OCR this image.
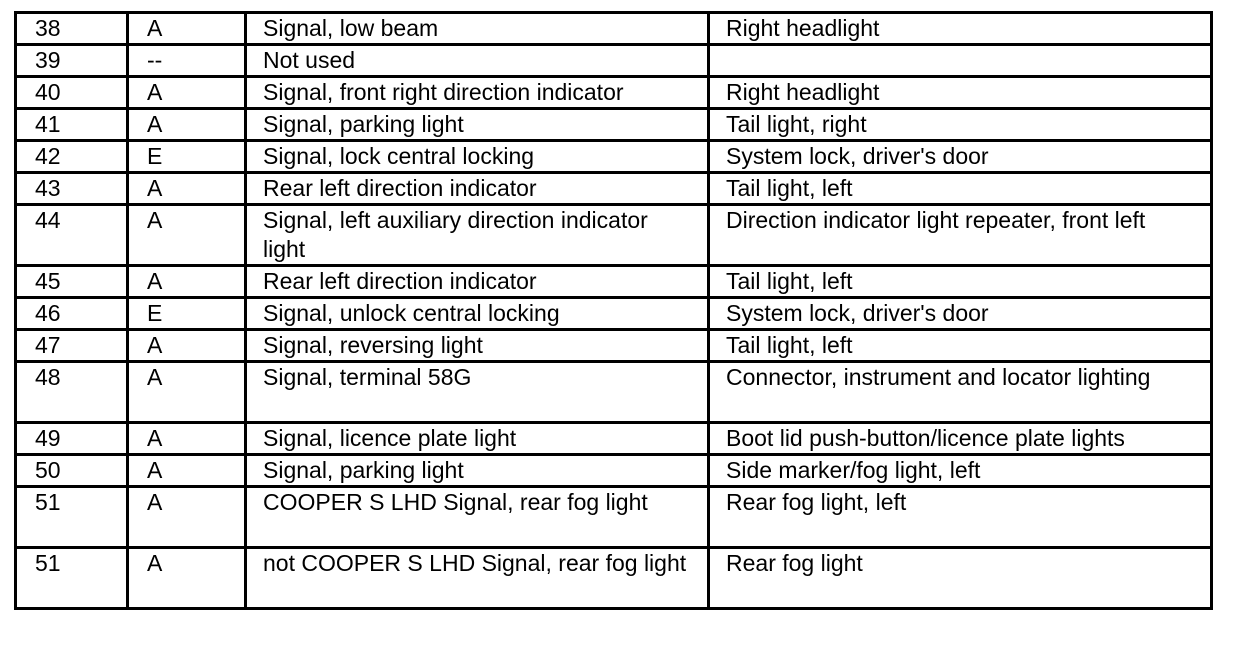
38	A	Signal, low beam	Right headlight
39	--	Not used	
40	A	Signal, front right direction indicator	Right headlight
41	A	Signal, parking light	Tail light, right
42	E	Signal, lock central locking	System lock, driver's door
43	A	Rear left direction indicator	Tail light, left
44	A	Signal, left auxiliary direction indicator light	Direction indicator light repeater, front left
45	A	Rear left direction indicator	Tail light, left
46	E	Signal, unlock central locking	System lock, driver's door
47	A	Signal, reversing light	Tail light, left
48	A	Signal, terminal 58G	Connector, instrument and locator lighting
49	A	Signal, licence plate light	Boot lid push-button/licence plate lights
50	A	Signal, parking light	Side marker/fog light, left
51	A	COOPER S LHD Signal, rear fog light	Rear fog light, left
51	A	not COOPER S LHD Signal, rear fog light	Rear fog light
